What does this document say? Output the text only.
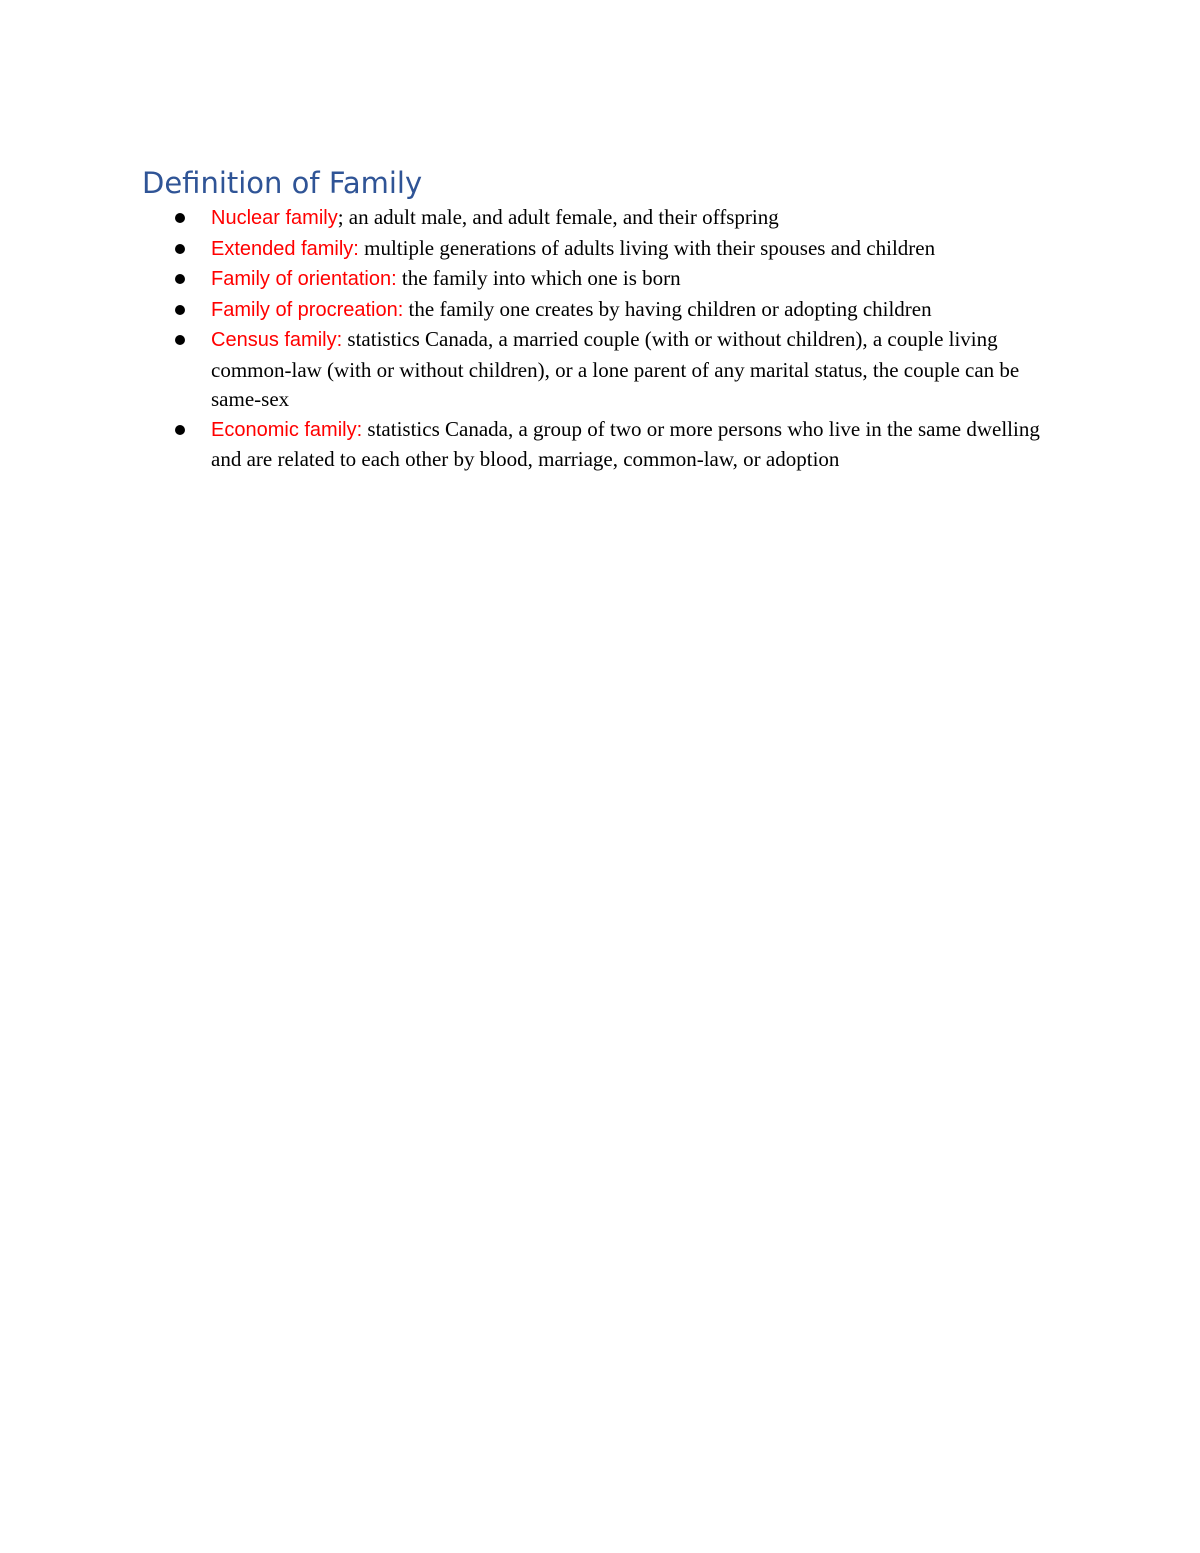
Definition of Family
Nuclear family; an adult male, and adult female, and their offspring
Extended family: multiple generations of adults living with their spouses and children
Family of orientation: the family into which one is born
Family of procreation: the family one creates by having children or adopting children
Census family: statistics Canada, a married couple (with or without children), a couple living common-law (with or without children), or a lone parent of any marital status, the couple can be same-sex
Economic family: statistics Canada, a group of two or more persons who live in the same dwelling and are related to each other by blood, marriage, common-law, or adoption
